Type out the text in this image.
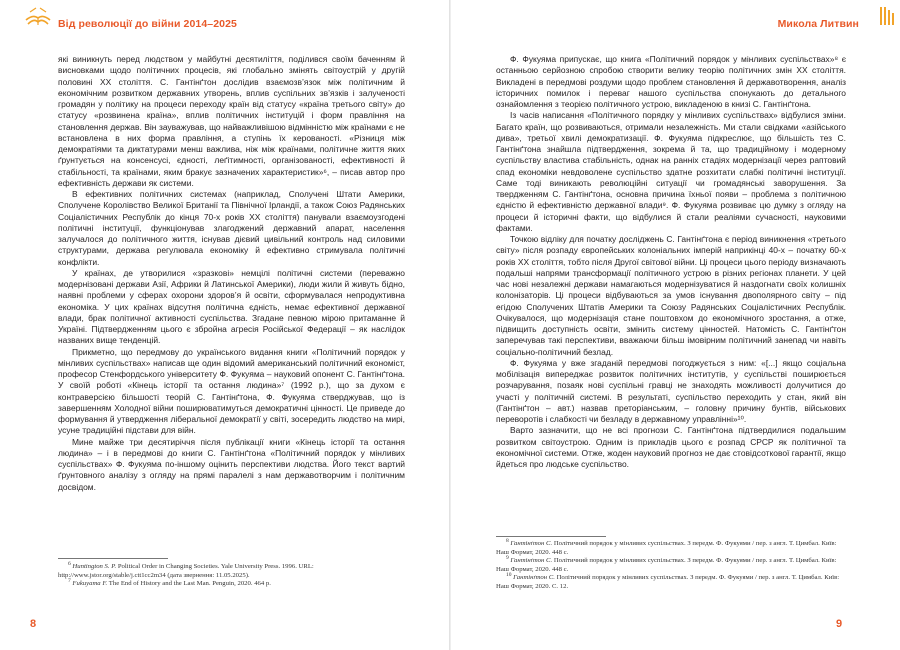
Від революції до війни 2014–2025

які виникнуть перед людством у майбутні десятиліття, поділився своїм баченням й висновками щодо політичних процесів, які глобально змінять світоустрій у другій половині ХХ століття. С. Гантінґтон дослідив взаємозв’язок між політичним й економічним розвитком державних утворень, вплив суспільних зв’язків і залученості громадян у політику на процеси переходу країн від статусу «країна третього світу» до статусу «розвинена країна», вплив політичних інституцій і форм правління на становлення держав. Він зауважував, що найважливішою відмінністю між країнами є не встановлена в них форма правління, а ступінь їх керованості. «Різниця між демократіями та диктатурами менш важлива, ніж між країнами, політичне життя яких ґрунтується на консенсусі, єдності, леґітимності, організованості, ефективності й стабільності, та країнами, яким бракує зазначених характеристик»⁶, – писав автор про ефективність держави як системи.

В ефективних політичних системах (наприклад, Сполучені Штати Америки, Сполучене Королівство Великої Британії та Північної Ірландії, а також Союз Радянських Соціалістичних Республік до кінця 70-х років ХХ століття) панували взаємоузгодені політичні інституції, функціонував злагоджений державний апарат, населення залучалося до політичного життя, існував дієвий цивільний контроль над силовими структурами, держава регулювала економіку й ефективно стримувала політичні конфлікти.

У країнах, де утворилися «зразкові» немцілі політичні системи (переважно модернізовані держави Азії, Африки й Латинської Америки), люди жили й живуть бідно, наявні проблеми у сферах охорони здоров’я й освіти, сформувалася непродуктивна економіка. У цих країнах відсутня політична єдність, немає ефективної державної влади, брак політичної активності суспільства. Згадане певною мірою притаманне й Україні. Підтвердженням цього є збройна агресія Російської Федерації – як наслідок названих вище тенденцій.

Прикметно, що передмову до українського видання книги «Політичний порядок у мінливих суспільствах» написав ще один відомий американський політичний економіст, професор Стенфордського університету Ф. Фукуяма – науковий опонент С. Гантінґтона. У своїй роботі «Кінець історії та остання людина»⁷ (1992 р.), що за духом є контраверсією більшості теорій С. Гантінґтона, Ф. Фукуяма стверджував, що із завершенням Холодної війни поширюватимуться демократичні цінності. Це приведе до формування й утвердження ліберальної демократії у світі, зосередить людство на мирі, усуне традиційні підстави для війн.

Мине майже три десятиріччя після публікації книги «Кінець історії та остання людина» – і в передмові до книги С. Гантінґтона «Політичний порядок у мінливих суспільствах» Ф. Фукуяма по-іншому оцінить перспективи людства. Його текст вартий ґрунтовного аналізу з огляду на прямі паралелі з нам державотворчим і політичним досвідом.

$^6$ Huntington S. P. Political Order in Changing Societies. Yale University Press. 1996. URL: http://www.jstor.org/stable/j.ctt1cc2m34 (дата звернення: 11.05.2025).
$^7$ Fukuyama F. The End of History and the Last Man. Penguin, 2020. 464 p.
8
Микола Литвин

Ф. Фукуяма припускає, що книга «Політичний порядок у мінливих суспільствах»⁸ є останньою серйозною спробою створити велику теорію політичних змін ХХ століття. Викладені в передмові роздуми щодо проблем становлення й державотворення, аналіз історичних помилок і переваг нашого суспільства спонукають до детального ознайомлення з теорією політичного устрою, викладеною в книзі С. Гантінґтона.

Із часів написання «Політичного порядку у мінливих суспільствах» відбулися зміни. Багато країн, що розвиваються, отримали незалежність. Ми стали свідками «азійського дива», третьої хвилі демократизації. Ф. Фукуяма підкреслює, що більшість тез С. Гантінґтона знайшла підтвердження, зокрема й та, що традиційному і модерному суспільству властива стабільність, однак на ранніх стадіях модернізації через раптовий спад економіки невдоволене суспільство здатне розхитати слабкі політичні інституції. Саме тоді виникають революційні ситуації чи громадянські заворушення. За твердженням С. Гантінґтона, основна причина їхньої появи – проблема з політичною єдністю й ефективністю державної влади⁹. Ф. Фукуяма розвиває цю думку з огляду на процеси й історичні факти, що відбулися й стали реаліями сучасності, науковими фактами.

Точкою відліку для початку досліджень С. Гантінґтона є період виникнення «третього світу» після розпаду європейських колоніальних імперій наприкінці 40-х – початку 60-х років ХХ століття, тобто після Другої світової війни. Ці процеси цього періоду визначають подальші напрями трансформації політичного устрою в різних регіонах планети. У цей час нові незалежні держави намагаються модернізуватися й наздогнати своїх колишніх колонізаторів. Ці процеси відбуваються за умов існування двополярного світу – під егідою Сполучених Штатів Америки та Союзу Радянських Соціалістичних Республік. Очікувалося, що модернізація стане поштовхом до економічного зростання, а отже, підвищить доступність освіти, змінить систему цінностей. Натомість С. Гантінґтон заперечував такі перспективи, вважаючи більш імовірним політичний занепад чи навіть соціально-політичний безлад.

Ф. Фукуяма у вже згаданій передмові погоджується з ним: «[...] якщо соціальна мобілізація випереджає розвиток політичних інститутів, у суспільстві поширюється розчарування, позаяк нові суспільні гравці не знаходять можливості долучитися до участі у політичній системі. В результаті, суспільство переходить у стан, який він (Гантінґтон – авт.) назвав преторіанським, – головну причину бунтів, військових переворотів і слабкості чи безладу в державному управлінні»¹⁰.

Варто зазначити, що не всі прогнози С. Гантінґтона підтвердилися подальшим розвитком світоустрою. Одним із прикладів цього є розпад СРСР як політичної та економічної системи. Отже, жоден науковий прогноз не дає стовідсоткової гарантії, якщо йдеться про людське суспільство.

$^8$ Гантінґтон С. Політичний порядок у мінливих суспільствах. З передм. Ф. Фукуями / пер. з англ. Т. Цимбал. Київ: Наш Формат, 2020. 448 с.
$^9$ Гантінґтон С. Політичний порядок у мінливих суспільствах. З передм. Ф. Фукуями / пер. з англ. Т. Цимбал. Київ: Наш Формат, 2020. 448 с.
$^{10}$ Гантінґтон С. Політичний порядок у мінливих суспільствах. З передм. Ф. Фукуями / пер. з англ. Т. Цимбал. Київ: Наш Формат, 2020. С. 12.
9
